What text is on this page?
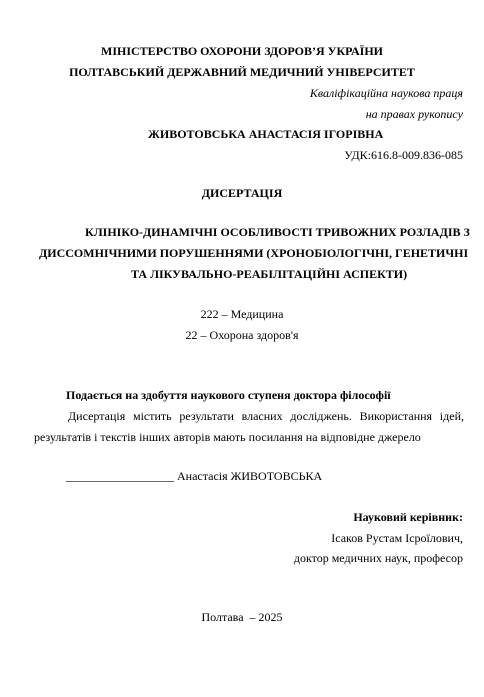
МІНІСТЕРСТВО ОХОРОНИ ЗДОРОВ’Я УКРАЇНИ
ПОЛТАВСЬКИЙ ДЕРЖАВНИЙ МЕДИЧНИЙ УНІВЕРСИТЕТ
Кваліфікаційна наукова праця
на правах рукопису
ЖИВОТОВСЬКА АНАСТАСІЯ ІГОРІВНА
УДК:616.8-009.836-085
ДИСЕРТАЦІЯ
КЛІНІКО-ДИНАМІЧНІ ОСОБЛИВОСТІ ТРИВОЖНИХ РОЗЛАДІВ З
ДИССОМНІЧНИМИ ПОРУШЕННЯМИ (ХРОНОБІОЛОГІЧНІ, ГЕНЕТИЧНІ
ТА ЛІКУВАЛЬНО-РЕАБІЛІТАЦІЙНІ АСПЕКТИ)
222 – Медицина
22 – Охорона здоров'я
Подається на здобуття наукового ступеня доктора філософії
Дисертація містить результати власних досліджень. Використання ідей,
результатів і текстів інших авторів мають посилання на відповідне джерело
__________________ Анастасія ЖИВОТОВСЬКА
Науковий керівник:
Ісаков Рустам Ісроїлович,
доктор медичних наук, професор
Полтава  – 2025
